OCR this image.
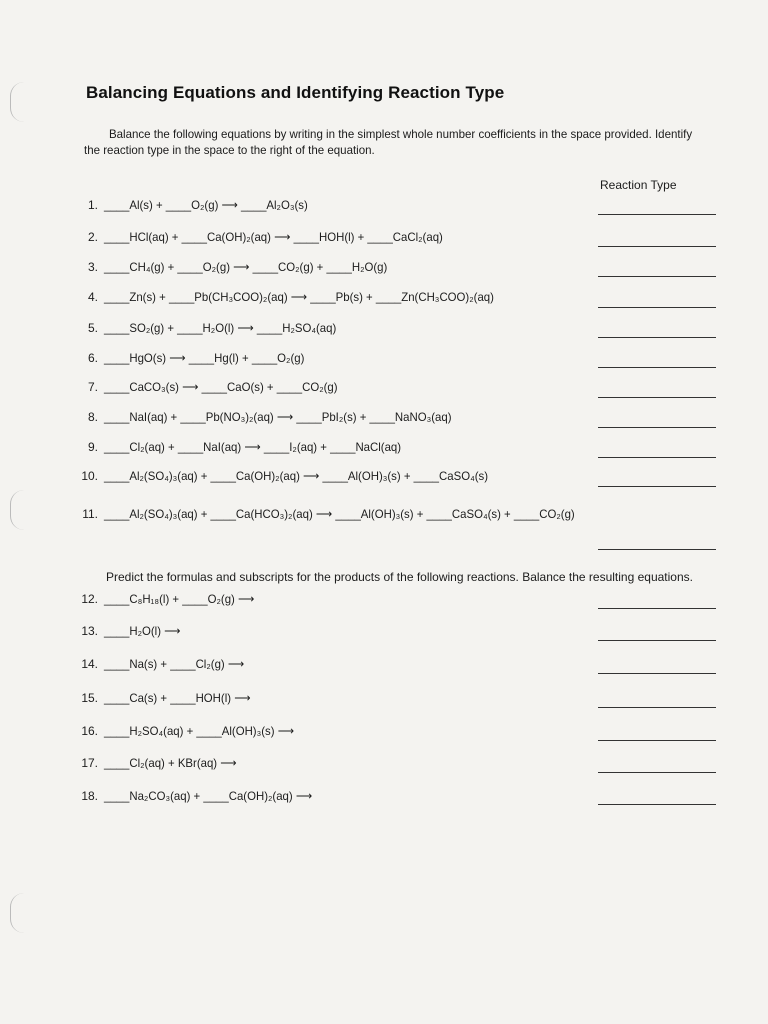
Balancing Equations and Identifying Reaction Type
Balance the following equations by writing in the simplest whole number coefficients in the space provided. Identify the reaction type in the space to the right of the equation.
Reaction Type
1. ____Al(s) + ____O₂(g) ⟶ ____Al₂O₃(s)
2. ____HCl(aq) + ____Ca(OH)₂(aq) ⟶ ____HOH(l) + ____CaCl₂(aq)
3. ____CH₄(g) + ____O₂(g) ⟶ ____CO₂(g) + ____H₂O(g)
4. ____Zn(s) + ____Pb(CH₃COO)₂(aq) ⟶ ____Pb(s) + ____Zn(CH₃COO)₂(aq)
5. ____SO₂(g) + ____H₂O(l) ⟶ ____H₂SO₄(aq)
6. ____HgO(s) ⟶ ____Hg(l) + ____O₂(g)
7. ____CaCO₃(s) ⟶ ____CaO(s) + ____CO₂(g)
8. ____NaI(aq) + ____Pb(NO₃)₂(aq) ⟶ ____PbI₂(s) + ____NaNO₃(aq)
9. ____Cl₂(aq) + ____NaI(aq) ⟶ ____I₂(aq) + ____NaCl(aq)
10. ____Al₂(SO₄)₃(aq) + ____Ca(OH)₂(aq) ⟶ ____Al(OH)₃(s) + ____CaSO₄(s)
11. ____Al₂(SO₄)₃(aq) + ____Ca(HCO₃)₂(aq) ⟶ ____Al(OH)₃(s) + ____CaSO₄(s) + ____CO₂(g)
Predict the formulas and subscripts for the products of the following reactions. Balance the resulting equations.
12. ____C₈H₁₈(l) + ____O₂(g) ⟶
13. ____H₂O(l) ⟶
14. ____Na(s) + ____Cl₂(g) ⟶
15. ____Ca(s) + ____HOH(l) ⟶
16. ____H₂SO₄(aq) + ____Al(OH)₃(s) ⟶
17. ____Cl₂(aq) + KBr(aq) ⟶
18. ____Na₂CO₃(aq) + ____Ca(OH)₂(aq) ⟶
